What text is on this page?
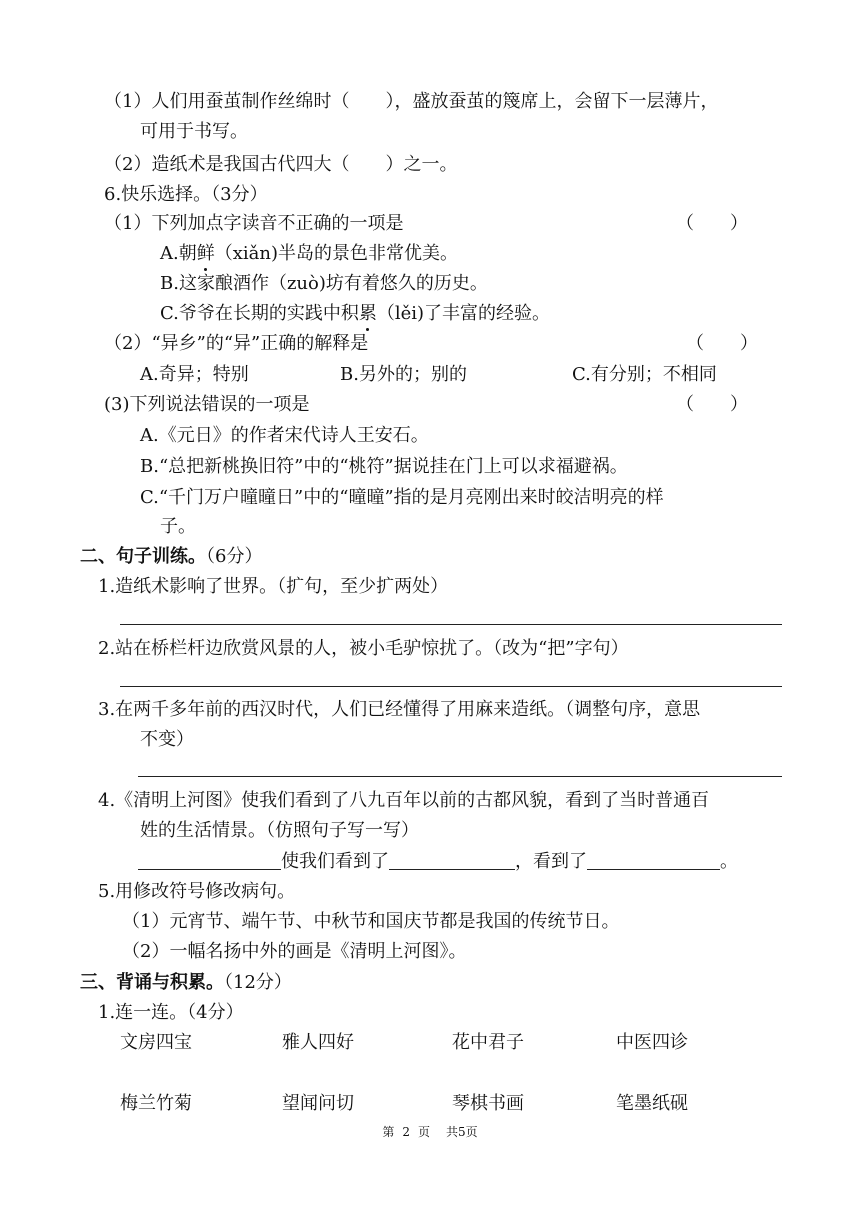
（1）人们用蚕茧制作丝绵时（　　），盛放蚕茧的篾席上，会留下一层薄片，
可用于书写。
（2）造纸术是我国古代四大（　　）之一。
6.快乐选择。（3分）
（1）下列加点字读音不正确的一项是	（　　）
A.朝鲜（xiǎn)半岛的景色非常优美。
B.这家酿酒作（zuò)坊有着悠久的历史。
C.爷爷在长期的实践中积累（lěi)了丰富的经验。
（2）“异乡”的“异”正确的解释是	（　　）
A.奇异；特别	B.另外的；别的	C.有分别；不相同
(3)下列说法错误的一项是	（　　）
A.《元日》的作者宋代诗人王安石。
B.“总把新桃换旧符”中的“桃符”据说挂在门上可以求福避祸。
C.“千门万户曈曈日”中的“曈曈”指的是月亮刚出来时皎洁明亮的样
子。
二、句子训练。（6分）
1.造纸术影响了世界。（扩句，至少扩两处）
2.站在桥栏杆边欣赏风景的人，被小毛驴惊扰了。（改为“把”字句）
3.在两千多年前的西汉时代，人们已经懂得了用麻来造纸。（调整句序，意思
不变）
4.《清明上河图》使我们看到了八九百年以前的古都风貌，看到了当时普通百
姓的生活情景。（仿照句子写一写）
使我们看到了	，看到了	。
5.用修改符号修改病句。
（1）元宵节、端午节、中秋节和国庆节都是我国的传统节日。
（2）一幅名扬中外的画是《清明上河图》。
三、背诵与积累。（12分）
1.连一连。（4分）
文房四宝	雅人四好	花中君子	中医四诊
梅兰竹菊	望闻问切	琴棋书画	笔墨纸砚
第 2 页 共5页
